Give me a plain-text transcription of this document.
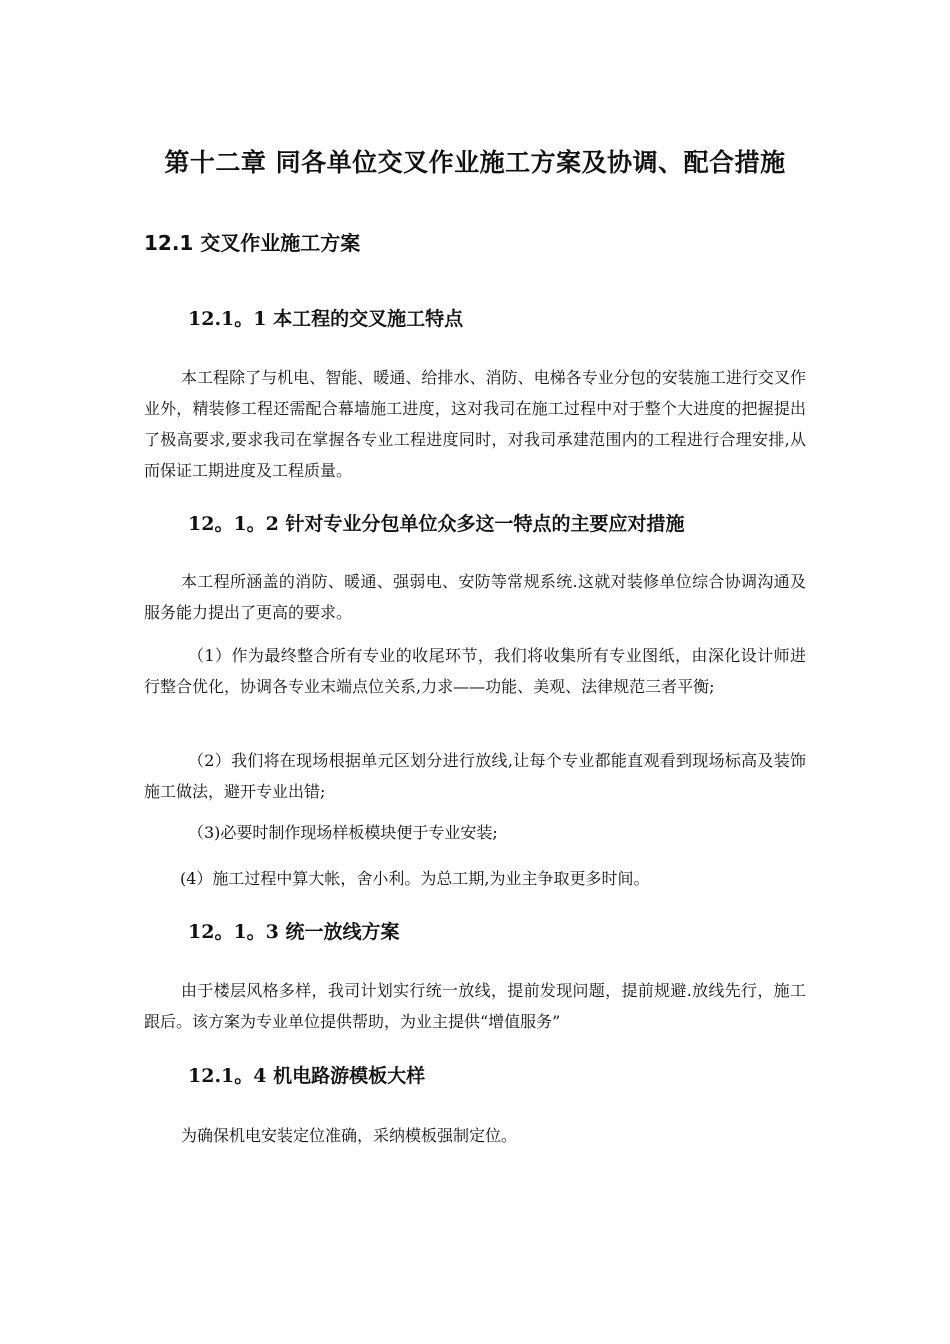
第十二章 同各单位交叉作业施工方案及协调、配合措施
12.1 交叉作业施工方案
12.1。1 本工程的交叉施工特点

本工程除了与机电、智能、暖通、给排水、消防、电梯各专业分包的安装施工进行交叉作业外，精装修工程还需配合幕墙施工进度，这对我司在施工过程中对于整个大进度的把握提出了极高要求,要求我司在掌握各专业工程进度同时，对我司承建范围内的工程进行合理安排,从而保证工期进度及工程质量。

12。1。2 针对专业分包单位众多这一特点的主要应对措施

本工程所涵盖的消防、暖通、强弱电、安防等常规系统.这就对装修单位综合协调沟通及服务能力提出了更高的要求。

（1）作为最终整合所有专业的收尾环节，我们将收集所有专业图纸，由深化设计师进行整合优化，协调各专业末端点位关系,力求——功能、美观、法律规范三者平衡;

（2）我们将在现场根据单元区划分进行放线,让每个专业都能直观看到现场标高及装饰施工做法，避开专业出错;

（3)必要时制作现场样板模块便于专业安装;

(4）施工过程中算大帐，舍小利。为总工期,为业主争取更多时间。

12。1。3 统一放线方案

由于楼层风格多样，我司计划实行统一放线，提前发现问题，提前规避.放线先行，施工跟后。该方案为专业单位提供帮助，为业主提供“增值服务”

12.1。4 机电路游模板大样

为确保机电安装定位准确，采纳模板强制定位。
